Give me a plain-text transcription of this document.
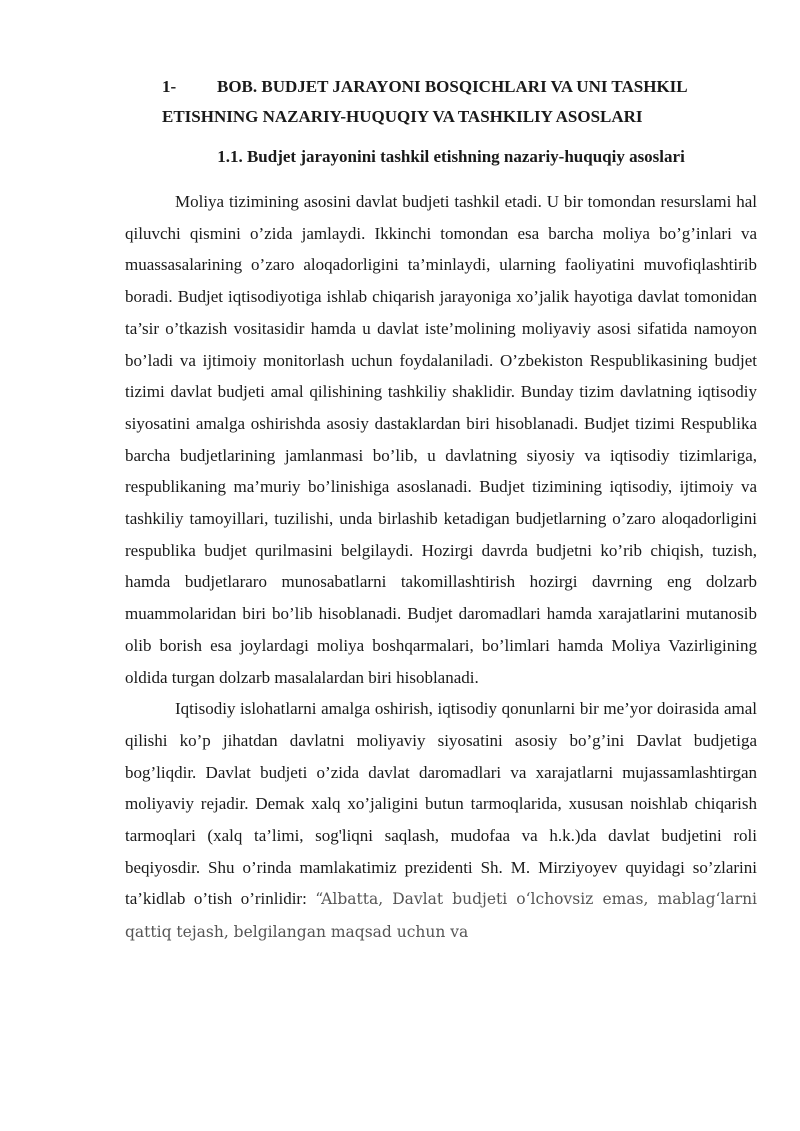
1- BOB. BUDJET JARAYONI BOSQICHLARI VA UNI TASHKIL
ETISHNING NAZARIY-HUQUQIY VA TASHKILIY ASOSLARI
1.1. Budjet jarayonini tashkil etishning nazariy-huquqiy asoslari

Moliya tizimining asosini davlat budjeti tashkil etadi. U bir tomondan resurslami hal qiluvchi qismini o’zida jamlaydi. Ikkinchi tomondan esa barcha moliya bo’g’inlari va muassasalarining o’zaro aloqadorligini ta’minlaydi, ularning faoliyatini muvofiqlashtirib boradi. Budjet iqtisodiyotiga ishlab chiqarish jarayoniga xo’jalik hayotiga davlat tomonidan ta’sir o’tkazish vositasidir hamda u davlat iste’molining moliyaviy asosi sifatida namoyon bo’ladi va ijtimoiy monitorlash uchun foydalaniladi. O’zbekiston Respublikasining budjet tizimi davlat budjeti amal qilishining tashkiliy shaklidir. Bunday tizim davlatning iqtisodiy siyosatini amalga oshirishda asosiy dastaklardan biri hisoblanadi. Budjet tizimi Respublika barcha budjetlarining jamlanmasi bo’lib, u davlatning siyosiy va iqtisodiy tizimlariga, respublikaning ma’muriy bo’linishiga asoslanadi. Budjet tizimining iqtisodiy, ijtimoiy va tashkiliy tamoyillari, tuzilishi, unda birlashib ketadigan budjetlarning o’zaro aloqadorligini respublika budjet qurilmasini belgilaydi. Hozirgi davrda budjetni ko’rib chiqish, tuzish, hamda budjetlararo munosabatlarni takomillashtirish hozirgi davrning eng dolzarb muammolaridan biri bo’lib hisoblanadi. Budjet daromadlari hamda xarajatlarini mutanosib olib borish esa joylardagi moliya boshqarmalari, bo’limlari hamda Moliya Vazirligining oldida turgan dolzarb masalalardan biri hisoblanadi.

Iqtisodiy islohatlarni amalga oshirish, iqtisodiy qonunlarni bir me’yor doirasida amal qilishi ko’p jihatdan davlatni moliyaviy siyosatini asosiy bo’g’ini Davlat budjetiga bog’liqdir. Davlat budjeti o’zida davlat daromadlari va xarajatlarni mujassamlashtirgan moliyaviy rejadir. Demak xalq xo’jaligini butun tarmoqlarida, xususan noishlab chiqarish tarmoqlari (xalq ta’limi, sog'liqni saqlash, mudofaa va h.k.)da davlat budjetini roli beqiyosdir. Shu o’rinda mamlakatimiz prezidenti Sh. M. Mirziyoyev quyidagi so’zlarini ta’kidlab o’tish o’rinlidir: “Albatta, Davlat budjeti oʻlchovsiz emas, mablagʻlarni qattiq tejash, belgilangan maqsad uchun va
